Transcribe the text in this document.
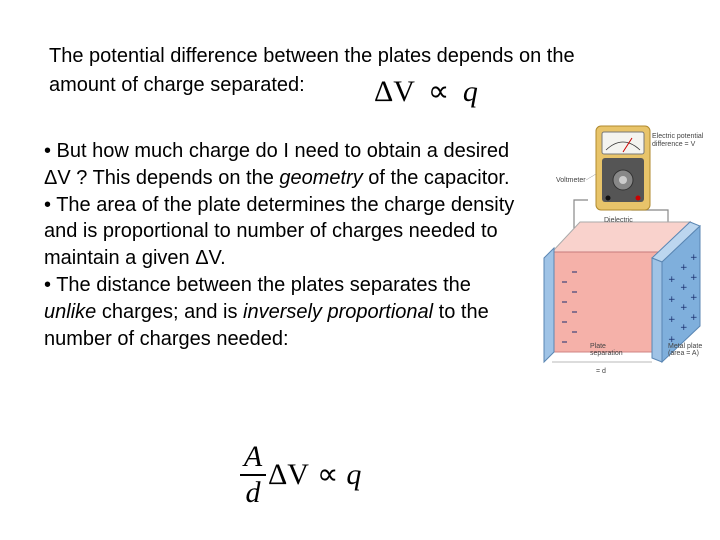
The potential difference between the plates depends on the
amount of charge separated:	ΔV ∝ q

• But how much charge do I need to obtain a desired ΔV ? This depends on the geometry of the capacitor.

• The area of the plate determines the charge density and is proportional to number of charges needed to maintain a given ΔV.

• The distance between the plates separates the unlike charges; and is inversely proportional to the number of charges needed:

$\frac{A}{d}$ ΔV ∝ q
+
+
+
+
+
+
+
+
+
+
+
+
Electric potential
difference = V
Voltmeter
Dielectric
Plate
separation
= d
Metal plate
(area = A)
